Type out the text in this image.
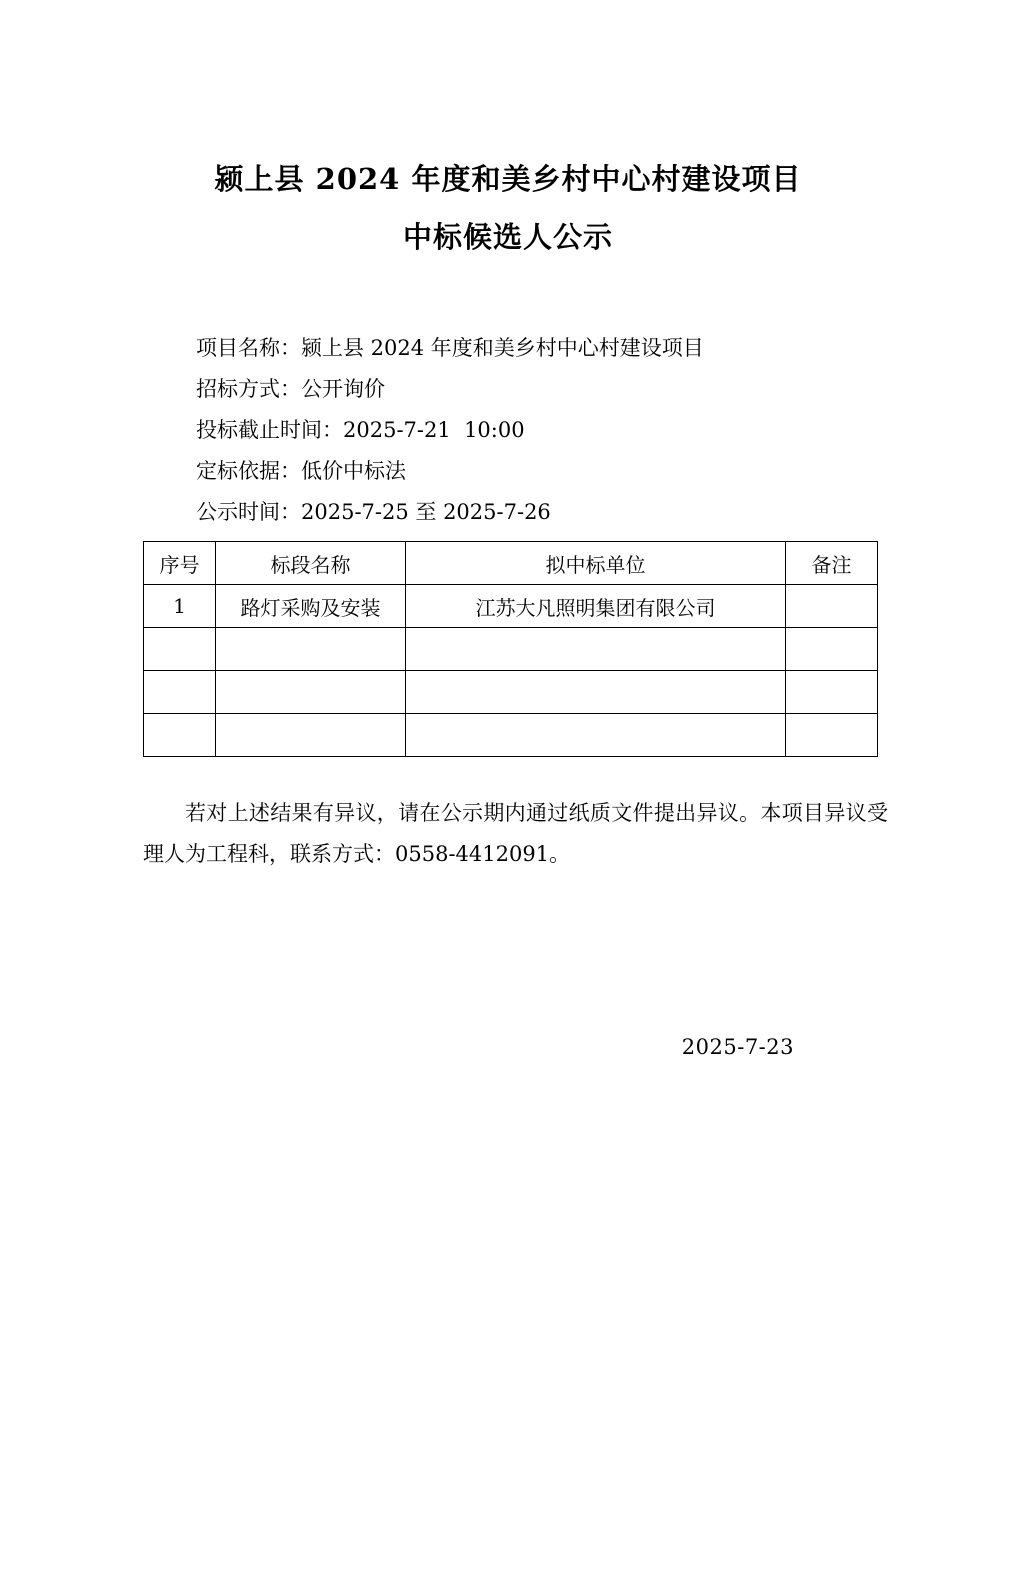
颍上县 2024 年度和美乡村中心村建设项目
中标候选人公示
项目名称：颍上县 2024 年度和美乡村中心村建设项目
招标方式：公开询价
投标截止时间：2025-7-21  10:00
定标依据：低价中标法
公示时间：2025-7-25 至 2025-7-26
序号	标段名称	拟中标单位	备注
1	路灯采购及安装	江苏大凡照明集团有限公司	

若对上述结果有异议，请在公示期内通过纸质文件提出异议。本项目异议受理人为工程科，联系方式：0558-4412091。
2025-7-23
